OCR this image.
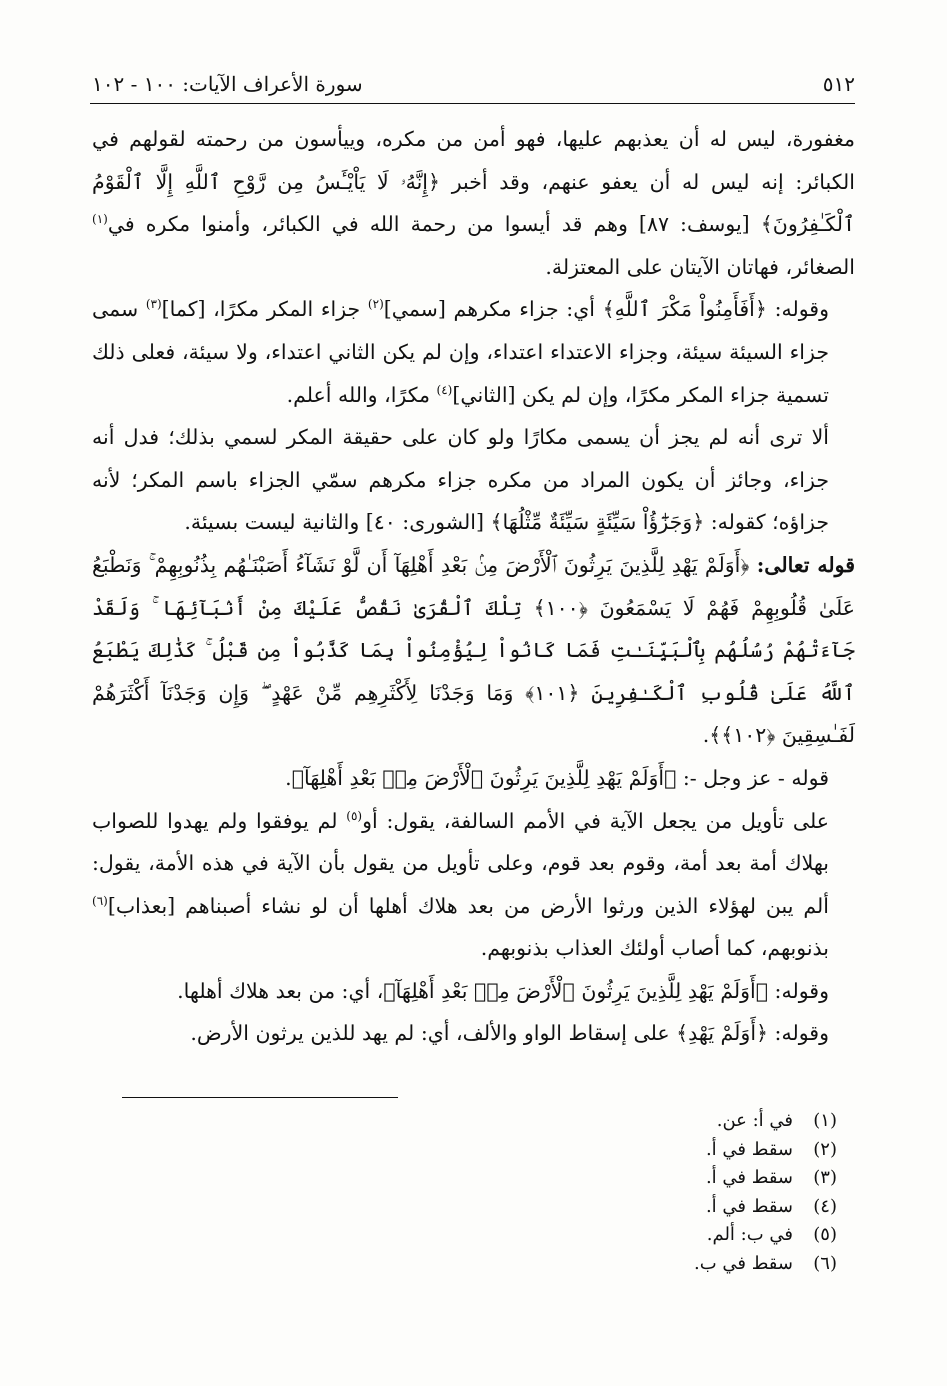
٥١٢
سورة الأعراف الآيات: ١٠٠ - ١٠٢

مغفورة، ليس له أن يعذبهم عليها، فهو أمن من مكره، وييأسون من رحمته لقولهم في الكبائر: إنه ليس له أن يعفو عنهم، وقد أخبر ﴿إِنَّهُۥ لَا يَاْيْـَٔسُ مِن رَّوْحِ ٱللَّهِ إِلَّا ٱلْقَوْمُ ٱلْكَـٰفِرُونَ﴾ [يوسف: ٨٧] وهم قد أيسوا من رحمة الله في الكبائر، وأمنوا مكره في$^{(١)}$ الصغائر، فهاتان الآيتان على المعتزلة.

وقوله: ﴿أَفَأَمِنُواْ مَكْرَ ٱللَّهِ﴾ أي: جزاء مكرهم [سمي]$^{(٢)}$ جزاء المكر مكرًا، [كما]$^{(٣)}$ سمى جزاء السيئة سيئة، وجزاء الاعتداء اعتداء، وإن لم يكن الثاني اعتداء، ولا سيئة، فعلى ذلك تسمية جزاء المكر مكرًا، وإن لم يكن [الثاني]$^{(٤)}$ مكرًا، والله أعلم.

ألا ترى أنه لم يجز أن يسمى مكارًا ولو كان على حقيقة المكر لسمي بذلك؛ فدل أنه جزاء، وجائز أن يكون المراد من مكره جزاء مكرهم سمّي الجزاء باسم المكر؛ لأنه جزاؤه؛ كقوله: ﴿وَجَزَٰٓؤُاْ سَيِّئَةٍ سَيِّئَةٌ مِّثْلُهَا﴾ [الشورى: ٤٠] والثانية ليست بسيئة.

قوله تعالى: ﴿أَوَلَمْ يَهْدِ لِلَّذِينَ يَرِثُونَ ٱلْأَرْضَ مِنۢ بَعْدِ أَهْلِهَآ أَن لَّوْ نَشَآءُ أَصَبْنَـٰهُم بِذُنُوبِهِمْ ۚ وَنَطْبَعُ عَلَىٰ قُلُوبِهِمْ فَهُمْ لَا يَسْمَعُونَ ﴿١٠٠﴾ تِلْكَ ٱلْقُرَىٰ نَقُصُّ عَلَيْكَ مِنْ أَنۢبَآئِهَا ۚ وَلَقَدْ جَآءَتْهُمْ رُسُلُهُم بِٱلْبَيِّنَـٰتِ فَمَا كَانُواْ لِيُؤْمِنُواْ بِمَا كَذَّبُواْ مِن قَبْلُ ۚ كَذَٰلِكَ يَطْبَعُ ٱللَّهُ عَلَىٰ قُلُوبِ ٱلْكَـٰفِرِينَ ﴿١٠١﴾ وَمَا وَجَدْنَا لِأَكْثَرِهِم مِّنْ عَهْدٍ ۖ وَإِن وَجَدْنَآ أَكْثَرَهُمْ لَفَـٰسِقِينَ ﴿١٠٢﴾﴾.

قوله - عز وجل -: ﴿أَوَلَمْ يَهْدِ لِلَّذِينَ يَرِثُونَ ٱلْأَرْضَ مِنۢ بَعْدِ أَهْلِهَآ﴾.

على تأويل من يجعل الآية في الأمم السالفة، يقول: أو$^{(٥)}$ لم يوفقوا ولم يهدوا للصواب بهلاك أمة بعد أمة، وقوم بعد قوم، وعلى تأويل من يقول بأن الآية في هذه الأمة، يقول: ألم يبن لهؤلاء الذين ورثوا الأرض من بعد هلاك أهلها أن لو نشاء أصبناهم [بعذاب]$^{(٦)}$ بذنوبهم، كما أصاب أولئك العذاب بذنوبهم.

وقوله: ﴿أَوَلَمْ يَهْدِ لِلَّذِينَ يَرِثُونَ ٱلْأَرْضَ مِنۢ بَعْدِ أَهْلِهَآ﴾، أي: من بعد هلاك أهلها.

وقوله: ﴿أَوَلَمْ يَهْدِ﴾ على إسقاط الواو والألف، أي: لم يهد للذين يرثون الأرض.

(١)
في أ: عن.
(٢)
سقط في أ.
(٣)
سقط في أ.
(٤)
سقط في أ.
(٥)
في ب: ألم.
(٦)
سقط في ب.
